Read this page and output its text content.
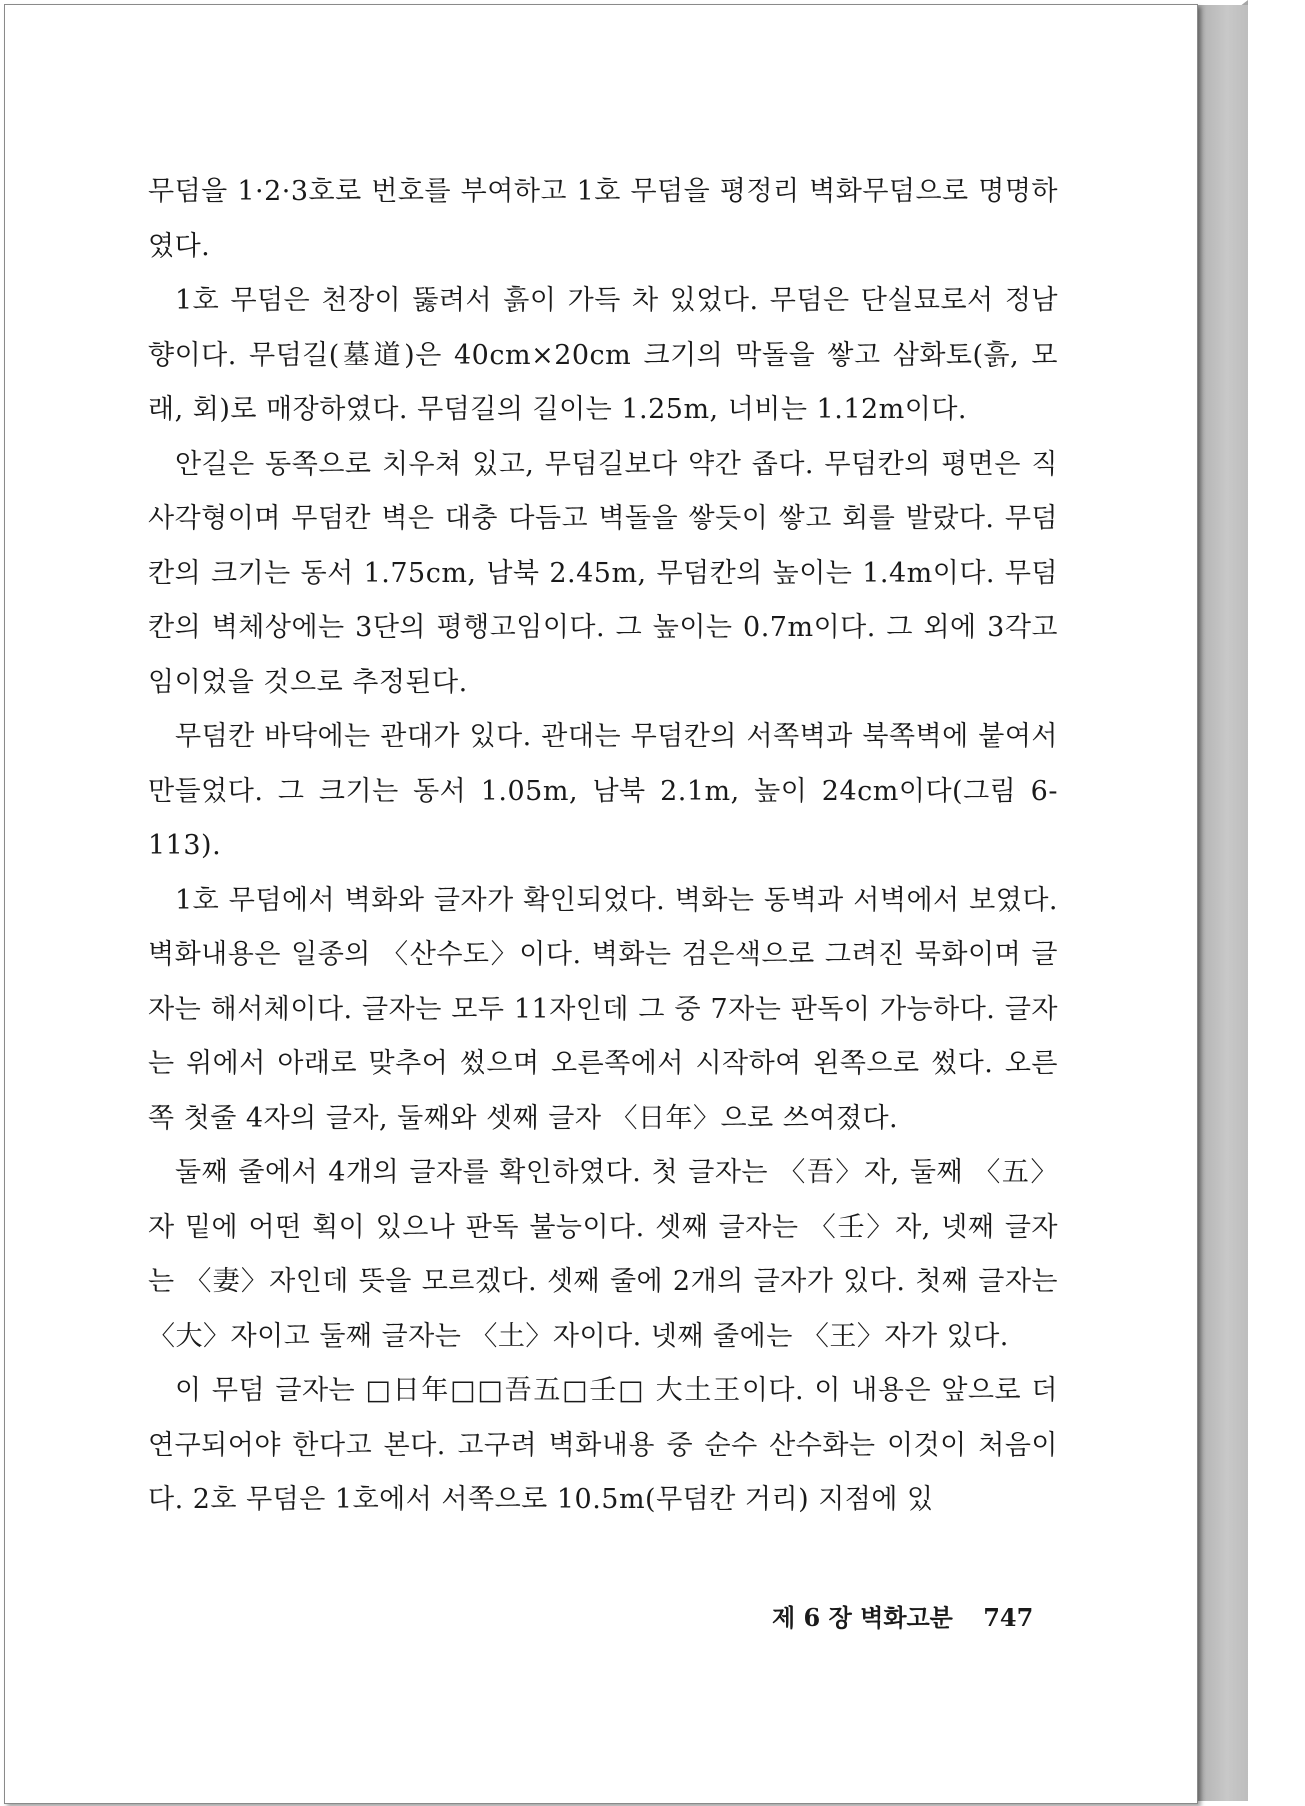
무덤을 1·2·3호로 번호를 부여하고 1호 무덤을 평정리 벽화무덤으로 명명하였다.

1호 무덤은 천장이 뚫려서 흙이 가득 차 있었다. 무덤은 단실묘로서 정남향이다. 무덤길(墓道)은 40cm×20cm 크기의 막돌을 쌓고 삼화토(흙, 모래, 회)로 매장하였다. 무덤길의 길이는 1.25m, 너비는 1.12m이다.

안길은 동쪽으로 치우쳐 있고, 무덤길보다 약간 좁다. 무덤칸의 평면은 직사각형이며 무덤칸 벽은 대충 다듬고 벽돌을 쌓듯이 쌓고 회를 발랐다. 무덤칸의 크기는 동서 1.75cm, 남북 2.45m, 무덤칸의 높이는 1.4m이다. 무덤칸의 벽체상에는 3단의 평행고임이다. 그 높이는 0.7m이다. 그 외에 3각고임이었을 것으로 추정된다.

무덤칸 바닥에는 관대가 있다. 관대는 무덤칸의 서쪽벽과 북쪽벽에 붙여서 만들었다. 그 크기는 동서 1.05m, 남북 2.1m, 높이 24cm이다(그림 6-113).

1호 무덤에서 벽화와 글자가 확인되었다. 벽화는 동벽과 서벽에서 보였다. 벽화내용은 일종의 〈산수도〉이다. 벽화는 검은색으로 그려진 묵화이며 글자는 해서체이다. 글자는 모두 11자인데 그 중 7자는 판독이 가능하다. 글자는 위에서 아래로 맞추어 썼으며 오른쪽에서 시작하여 왼쪽으로 썼다. 오른쪽 첫줄 4자의 글자, 둘째와 셋째 글자 〈日年〉으로 쓰여졌다.

둘째 줄에서 4개의 글자를 확인하였다. 첫 글자는 〈吾〉자, 둘째 〈五〉자 밑에 어떤 획이 있으나 판독 불능이다. 셋째 글자는 〈壬〉자, 넷째 글자는 〈妻〉자인데 뜻을 모르겠다. 셋째 줄에 2개의 글자가 있다. 첫째 글자는 〈大〉자이고 둘째 글자는 〈土〉자이다. 넷째 줄에는 〈王〉자가 있다.

이 무덤 글자는 □日年□□吾五□壬□ 大土王이다. 이 내용은 앞으로 더 연구되어야 한다고 본다. 고구려 벽화내용 중 순수 산수화는 이것이 처음이다. 2호 무덤은 1호에서 서쪽으로 10.5m(무덤칸 거리) 지점에 있

제 6 장 벽화고분 747
